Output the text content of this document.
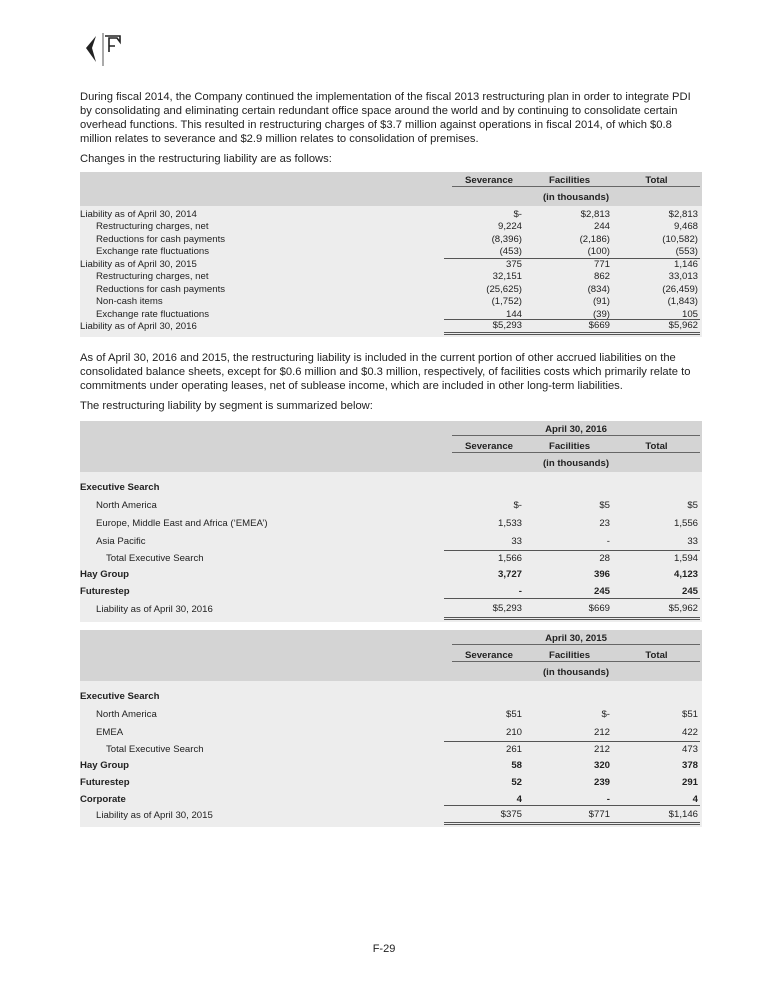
During fiscal 2014, the Company continued the implementation of the fiscal 2013 restructuring plan in order to integrate PDI by consolidating and eliminating certain redundant office space around the world and by continuing to consolidate certain overhead functions. This resulted in restructuring charges of $3.7 million against operations in fiscal 2014, of which $0.8 million relates to severance and $2.9 million relates to consolidation of premises.

Changes in the restructuring liability are as follows:

Severance	Facilities	Total
(in thousands)
Liability as of April 30, 2014	$-	$2,813	$2,813
Restructuring charges, net	9,224	244	9,468
Reductions for cash payments	(8,396)	(2,186)	(10,582)
Exchange rate fluctuations	(453)	(100)	(553)
Liability as of April 30, 2015	375	771	1,146
Restructuring charges, net	32,151	862	33,013
Reductions for cash payments	(25,625)	(834)	(26,459)
Non-cash items	(1,752)	(91)	(1,843)
Exchange rate fluctuations	144	(39)	105
Liability as of April 30, 2016	$5,293	$669	$5,962

As of April 30, 2016 and 2015, the restructuring liability is included in the current portion of other accrued liabilities on the consolidated balance sheets, except for $0.6 million and $0.3 million, respectively, of facilities costs which primarily relate to commitments under operating leases, net of sublease income, which are included in other long-term liabilities.

The restructuring liability by segment is summarized below:

April 30, 2016
Severance	Facilities	Total
(in thousands)
Executive Search
North America	$-	$5	$5
Europe, Middle East and Africa (‘EMEA’)	1,533	23	1,556
Asia Pacific	33	-	33
Total Executive Search	1,566	28	1,594
Hay Group	3,727	396	4,123
Futurestep	-	245	245
Liability as of April 30, 2016	$5,293	$669	$5,962
April 30, 2015
Severance	Facilities	Total
(in thousands)
Executive Search
North America	$51	$-	$51
EMEA	210	212	422
Total Executive Search	261	212	473
Hay Group	58	320	378
Futurestep	52	239	291
Corporate	4	-	4
Liability as of April 30, 2015	$375	$771	$1,146
F-29
